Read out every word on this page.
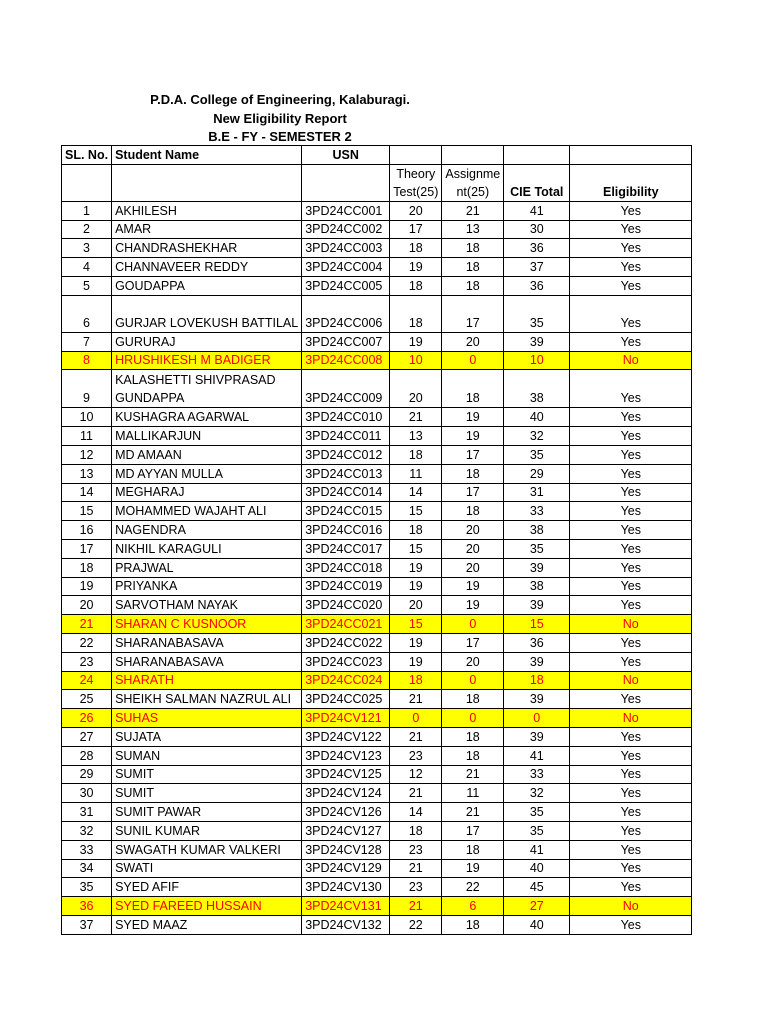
P.D.A. College of Engineering, Kalaburagi.
New Eligibility Report
B.E - FY - SEMESTER 2
SL. No.	Student Name	USN				
			Theory Test(25)	Assignme nt(25)	CIE Total	Eligibility
1	AKHILESH	3PD24CC001	20	21	41	Yes
2	AMAR	3PD24CC002	17	13	30	Yes
3	CHANDRASHEKHAR	3PD24CC003	18	18	36	Yes
4	CHANNAVEER REDDY	3PD24CC004	19	18	37	Yes
5	GOUDAPPA	3PD24CC005	18	18	36	Yes
6	GURJAR LOVEKUSH BATTILAL	3PD24CC006	18	17	35	Yes
7	GURURAJ	3PD24CC007	19	20	39	Yes
8	HRUSHIKESH M BADIGER	3PD24CC008	10	0	10	No
9	KALASHETTI SHIVPRASAD GUNDAPPA	3PD24CC009	20	18	38	Yes
10	KUSHAGRA AGARWAL	3PD24CC010	21	19	40	Yes
11	MALLIKARJUN	3PD24CC011	13	19	32	Yes
12	MD AMAAN	3PD24CC012	18	17	35	Yes
13	MD AYYAN MULLA	3PD24CC013	11	18	29	Yes
14	MEGHARAJ	3PD24CC014	14	17	31	Yes
15	MOHAMMED WAJAHT ALI	3PD24CC015	15	18	33	Yes
16	NAGENDRA	3PD24CC016	18	20	38	Yes
17	NIKHIL KARAGULI	3PD24CC017	15	20	35	Yes
18	PRAJWAL	3PD24CC018	19	20	39	Yes
19	PRIYANKA	3PD24CC019	19	19	38	Yes
20	SARVOTHAM NAYAK	3PD24CC020	20	19	39	Yes
21	SHARAN C KUSNOOR	3PD24CC021	15	0	15	No
22	SHARANABASAVA	3PD24CC022	19	17	36	Yes
23	SHARANABASAVA	3PD24CC023	19	20	39	Yes
24	SHARATH	3PD24CC024	18	0	18	No
25	SHEIKH SALMAN NAZRUL ALI	3PD24CC025	21	18	39	Yes
26	SUHAS	3PD24CV121	0	0	0	No
27	SUJATA	3PD24CV122	21	18	39	Yes
28	SUMAN	3PD24CV123	23	18	41	Yes
29	SUMIT	3PD24CV125	12	21	33	Yes
30	SUMIT	3PD24CV124	21	11	32	Yes
31	SUMIT PAWAR	3PD24CV126	14	21	35	Yes
32	SUNIL KUMAR	3PD24CV127	18	17	35	Yes
33	SWAGATH KUMAR VALKERI	3PD24CV128	23	18	41	Yes
34	SWATI	3PD24CV129	21	19	40	Yes
35	SYED AFIF	3PD24CV130	23	22	45	Yes
36	SYED FAREED HUSSAIN	3PD24CV131	21	6	27	No
37	SYED MAAZ	3PD24CV132	22	18	40	Yes
